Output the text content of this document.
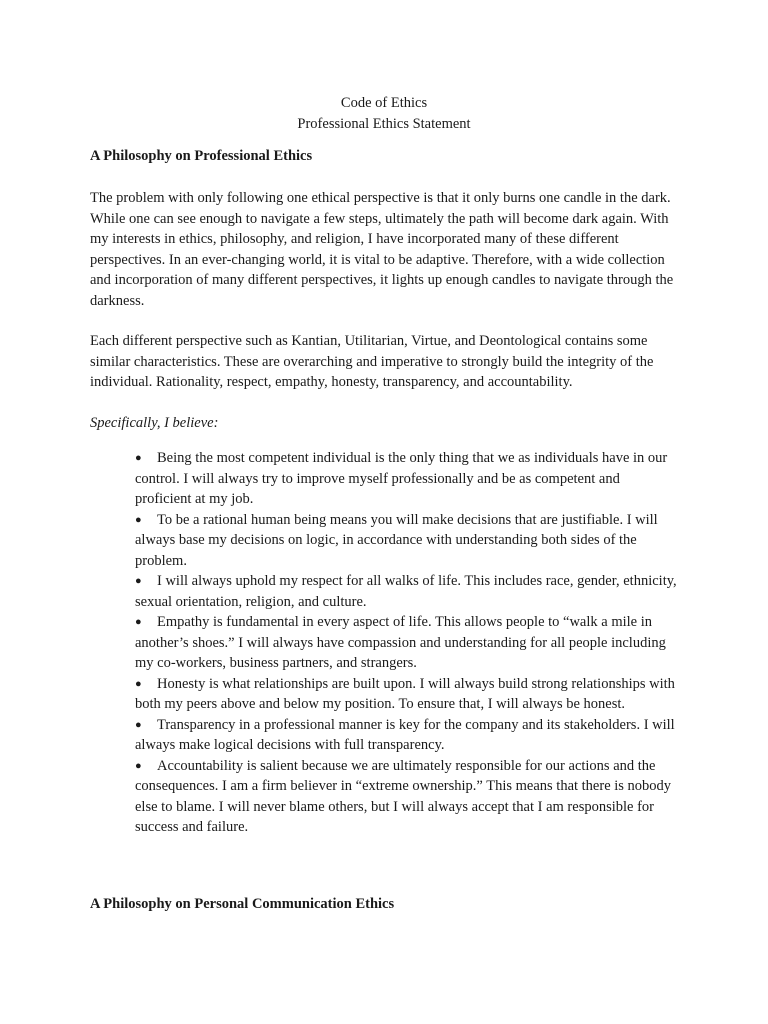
Code of Ethics
Professional Ethics Statement
A Philosophy on Professional Ethics

The problem with only following one ethical perspective is that it only burns one candle in the dark. While one can see enough to navigate a few steps, ultimately the path will become dark again. With my interests in ethics, philosophy, and religion, I have incorporated many of these different perspectives. In an ever-changing world, it is vital to be adaptive. Therefore, with a wide collection and incorporation of many different perspectives, it lights up enough candles to navigate through the darkness.

Each different perspective such as Kantian, Utilitarian, Virtue, and Deontological contains some similar characteristics. These are overarching and imperative to strongly build the integrity of the individual. Rationality, respect, empathy, honesty, transparency, and accountability.

Specifically, I believe:

● Being the most competent individual is the only thing that we as individuals have in our control. I will always try to improve myself professionally and be as competent and proficient at my job.
● To be a rational human being means you will make decisions that are justifiable. I will always base my decisions on logic, in accordance with understanding both sides of the problem.
● I will always uphold my respect for all walks of life. This includes race, gender, ethnicity, sexual orientation, religion, and culture.
● Empathy is fundamental in every aspect of life. This allows people to “walk a mile in another’s shoes.” I will always have compassion and understanding for all people including my co-workers, business partners, and strangers.
● Honesty is what relationships are built upon. I will always build strong relationships with both my peers above and below my position. To ensure that, I will always be honest.
● Transparency in a professional manner is key for the company and its stakeholders. I will always make logical decisions with full transparency.
● Accountability is salient because we are ultimately responsible for our actions and the consequences. I am a firm believer in “extreme ownership.” This means that there is nobody else to blame. I will never blame others, but I will always accept that I am responsible for success and failure.
A Philosophy on Personal Communication Ethics
